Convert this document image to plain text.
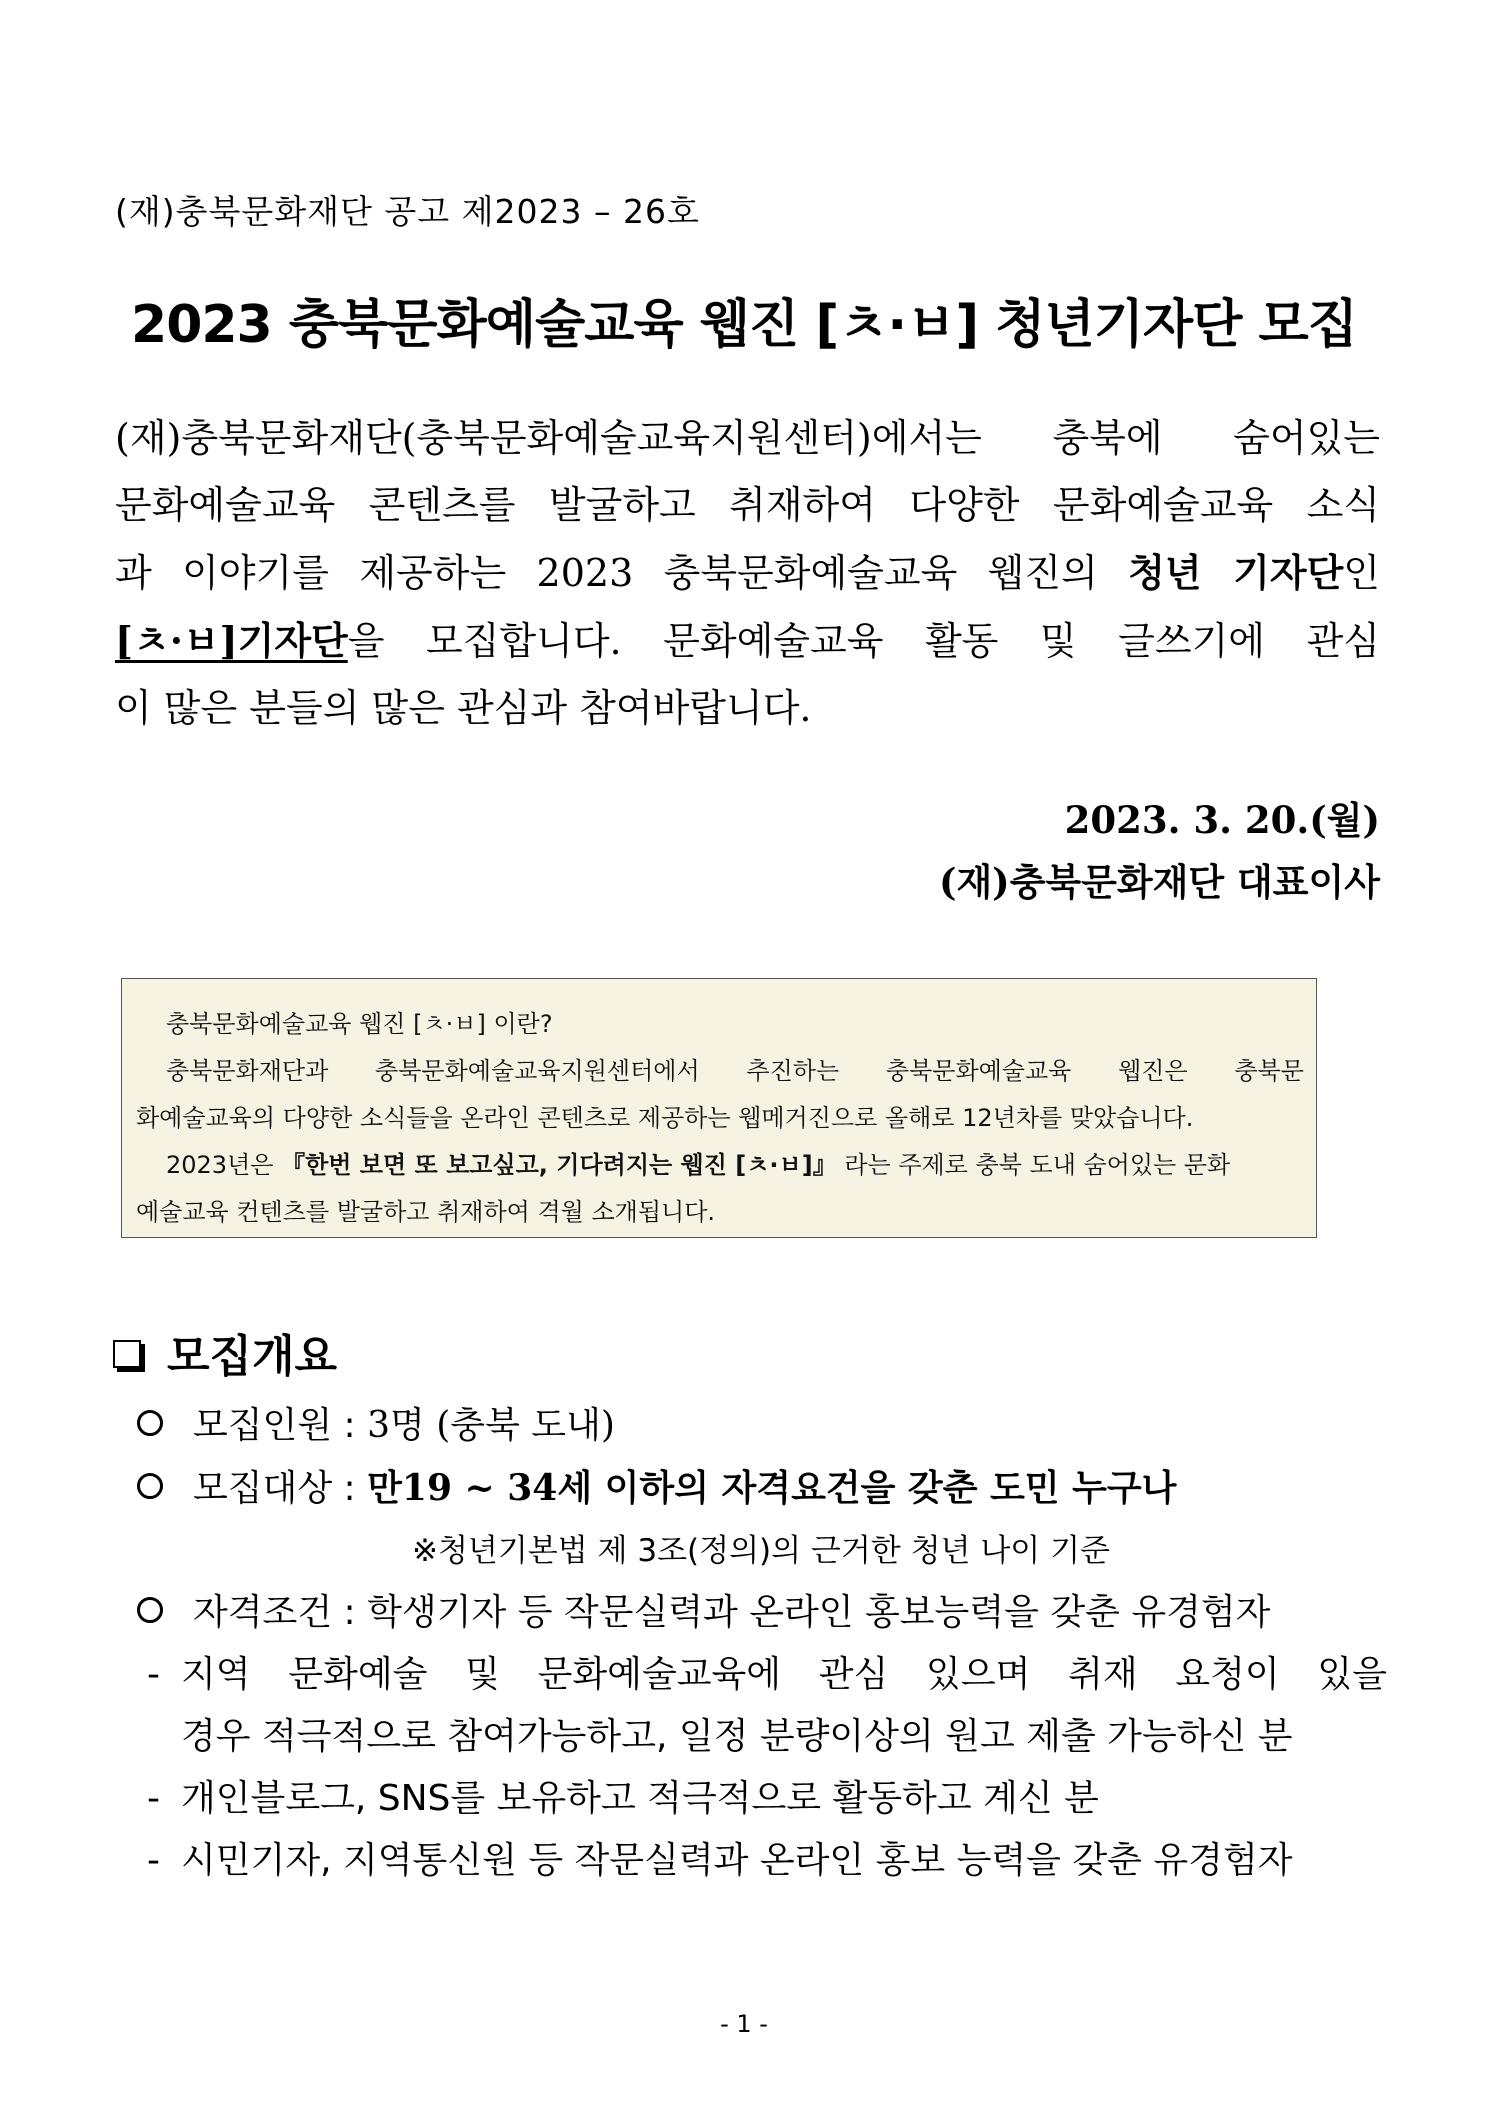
(재)충북문화재단 공고 제2023 – 26호
2023 충북문화예술교육 웹진 [ㅊ·ㅂ] 청년기자단 모집
(재)충북문화재단(충북문화예술교육지원센터)에서는 충북에 숨어있는
문화예술교육 콘텐츠를 발굴하고 취재하여 다양한 문화예술교육 소식
과 이야기를 제공하는 2023 충북문화예술교육 웹진의 청년 기자단인
[ㅊ·ㅂ]기자단을 모집합니다. 문화예술교육 활동 및 글쓰기에 관심
이 많은 분들의 많은 관심과 참여바랍니다.
2023. 3. 20.(월)
(재)충북문화재단 대표이사
충북문화예술교육 웹진 [ㅊ·ㅂ] 이란?
충북문화재단과 충북문화예술교육지원센터에서 추진하는 충북문화예술교육 웹진은 충북문
화예술교육의 다양한 소식들을 온라인 콘텐츠로 제공하는 웹메거진으로 올해로 12년차를 맞았습니다.
2023년은 『한번 보면 또 보고싶고, 기다려지는 웹진 [ㅊ·ㅂ]』 라는 주제로 충북 도내 숨어있는 문화
예술교육 컨텐츠를 발굴하고 취재하여 격월 소개됩니다.
모집개요
모집인원 : 3명 (충북 도내)
모집대상 : 만19 ~ 34세 이하의 자격요건을 갖춘 도민 누구나
※청년기본법 제 3조(정의)의 근거한 청년 나이 기준
자격조건 : 학생기자 등 작문실력과 온라인 홍보능력을 갖춘 유경험자
- 지역 문화예술 및 문화예술교육에 관심 있으며 취재 요청이 있을
경우 적극적으로 참여가능하고, 일정 분량이상의 원고 제출 가능하신 분
- 개인블로그, SNS를 보유하고 적극적으로 활동하고 계신 분
- 시민기자, 지역통신원 등 작문실력과 온라인 홍보 능력을 갖춘 유경험자
- 1 -
